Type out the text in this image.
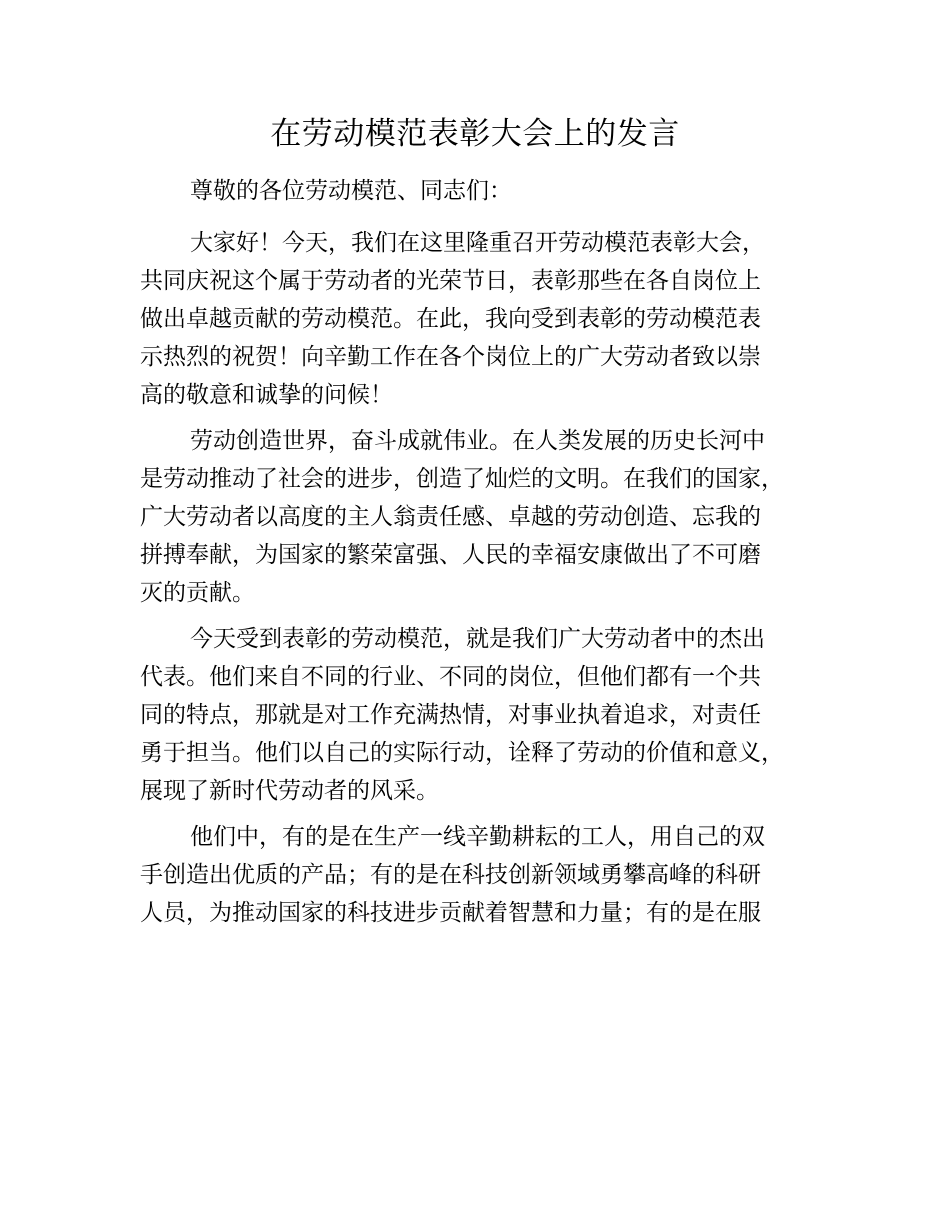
在劳动模范表彰大会上的发言

尊敬的各位劳动模范、同志们：

大家好！今天，我们在这里隆重召开劳动模范表彰大会，
共同庆祝这个属于劳动者的光荣节日，表彰那些在各自岗位上
做出卓越贡献的劳动模范。在此，我向受到表彰的劳动模范表
示热烈的祝贺！向辛勤工作在各个岗位上的广大劳动者致以崇
高的敬意和诚挚的问候！

劳动创造世界，奋斗成就伟业。在人类发展的历史长河中
是劳动推动了社会的进步，创造了灿烂的文明。在我们的国家，
广大劳动者以高度的主人翁责任感、卓越的劳动创造、忘我的
拼搏奉献，为国家的繁荣富强、人民的幸福安康做出了不可磨
灭的贡献。

今天受到表彰的劳动模范，就是我们广大劳动者中的杰出
代表。他们来自不同的行业、不同的岗位，但他们都有一个共
同的特点，那就是对工作充满热情，对事业执着追求，对责任
勇于担当。他们以自己的实际行动，诠释了劳动的价值和意义，
展现了新时代劳动者的风采。

他们中，有的是在生产一线辛勤耕耘的工人，用自己的双
手创造出优质的产品；有的是在科技创新领域勇攀高峰的科研
人员，为推动国家的科技进步贡献着智慧和力量；有的是在服
